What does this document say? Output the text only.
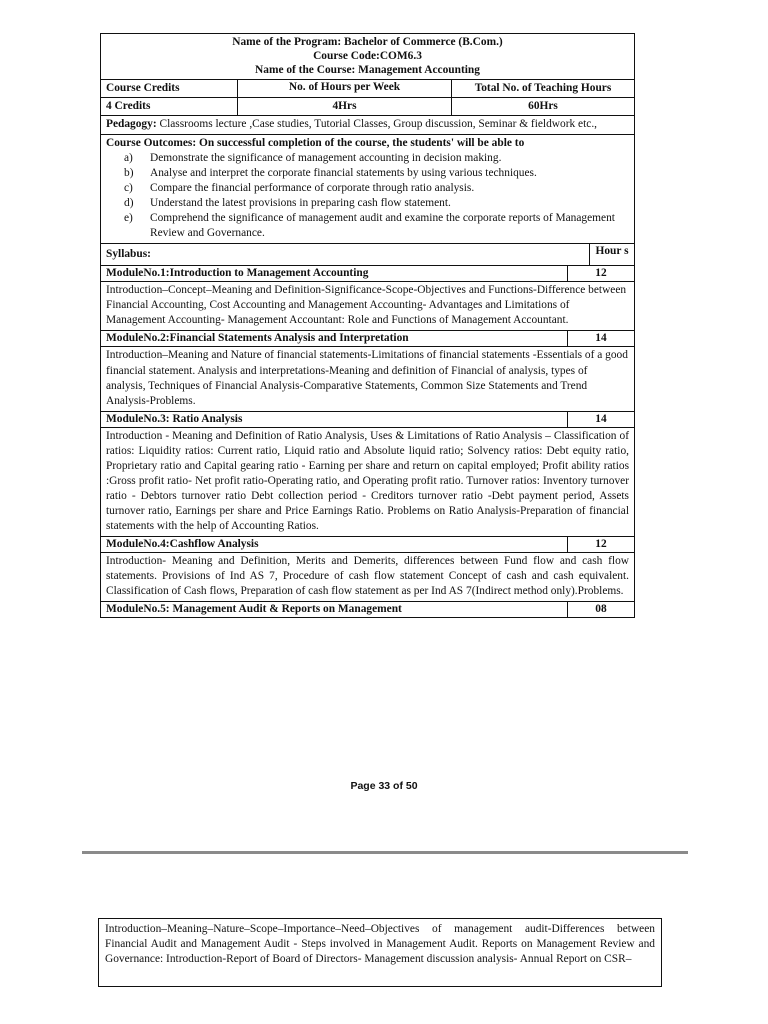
Name of the Program: Bachelor of Commerce (B.Com.)
Course Code:COM6.3
Name of the Course: Management Accounting
Course Credits	No. of Hours per Week	Total No. of Teaching Hours
4 Credits	4Hrs	60Hrs
Pedagogy: Classrooms lecture ,Case studies, Tutorial Classes, Group discussion, Seminar & fieldwork etc.,
Course Outcomes: On successful completion of the course, the students' will be able to
a)	Demonstrate the significance of management accounting in decision making.
b)	Analyse and interpret the corporate financial statements by using various techniques.
c)	Compare the financial performance of corporate through ratio analysis.
d)	Understand the latest provisions in preparing cash flow statement.
e)	Comprehend the significance of management audit and examine the corporate reports of Management Review and Governance.
Syllabus:	Hour s
ModuleNo.1:Introduction to Management Accounting	12
Introduction–Concept–Meaning and Definition-Significance-Scope-Objectives and Functions-Difference between Financial Accounting, Cost Accounting and Management Accounting- Advantages and Limitations of Management Accounting- Management Accountant: Role and Functions of Management Accountant.
ModuleNo.2:Financial Statements Analysis and Interpretation	14
Introduction–Meaning and Nature of financial statements-Limitations of financial statements -Essentials of a good financial statement. Analysis and interpretations-Meaning and definition of Financial of analysis, types of analysis, Techniques of Financial Analysis-Comparative Statements, Common Size Statements and Trend Analysis-Problems.
ModuleNo.3: Ratio Analysis	14
Introduction - Meaning and Definition of Ratio Analysis, Uses & Limitations of Ratio Analysis – Classification of ratios: Liquidity ratios: Current ratio, Liquid ratio and Absolute liquid ratio; Solvency ratios: Debt equity ratio, Proprietary ratio and Capital gearing ratio - Earning per share and return on capital employed; Profit ability ratios :Gross profit ratio- Net profit ratio-Operating ratio, and Operating profit ratio. Turnover ratios: Inventory turnover ratio - Debtors turnover ratio Debt collection period - Creditors turnover ratio -Debt payment period, Assets turnover ratio, Earnings per share and Price Earnings Ratio. Problems on Ratio Analysis-Preparation of financial statements with the help of Accounting Ratios.
ModuleNo.4:Cashflow Analysis	12
Introduction- Meaning and Definition, Merits and Demerits, differences between Fund flow and cash flow statements. Provisions of Ind AS 7, Procedure of cash flow statement Concept of cash and cash equivalent. Classification of Cash flows, Preparation of cash flow statement as per Ind AS 7(Indirect method only).Problems.
ModuleNo.5: Management Audit & Reports on Management	08
Page 33 of 50
Introduction–Meaning–Nature–Scope–Importance–Need–Objectives of management audit-Differences between Financial Audit and Management Audit - Steps involved in Management Audit. Reports on Management Review and Governance: Introduction-Report of Board of Directors- Management discussion analysis- Annual Report on CSR–
